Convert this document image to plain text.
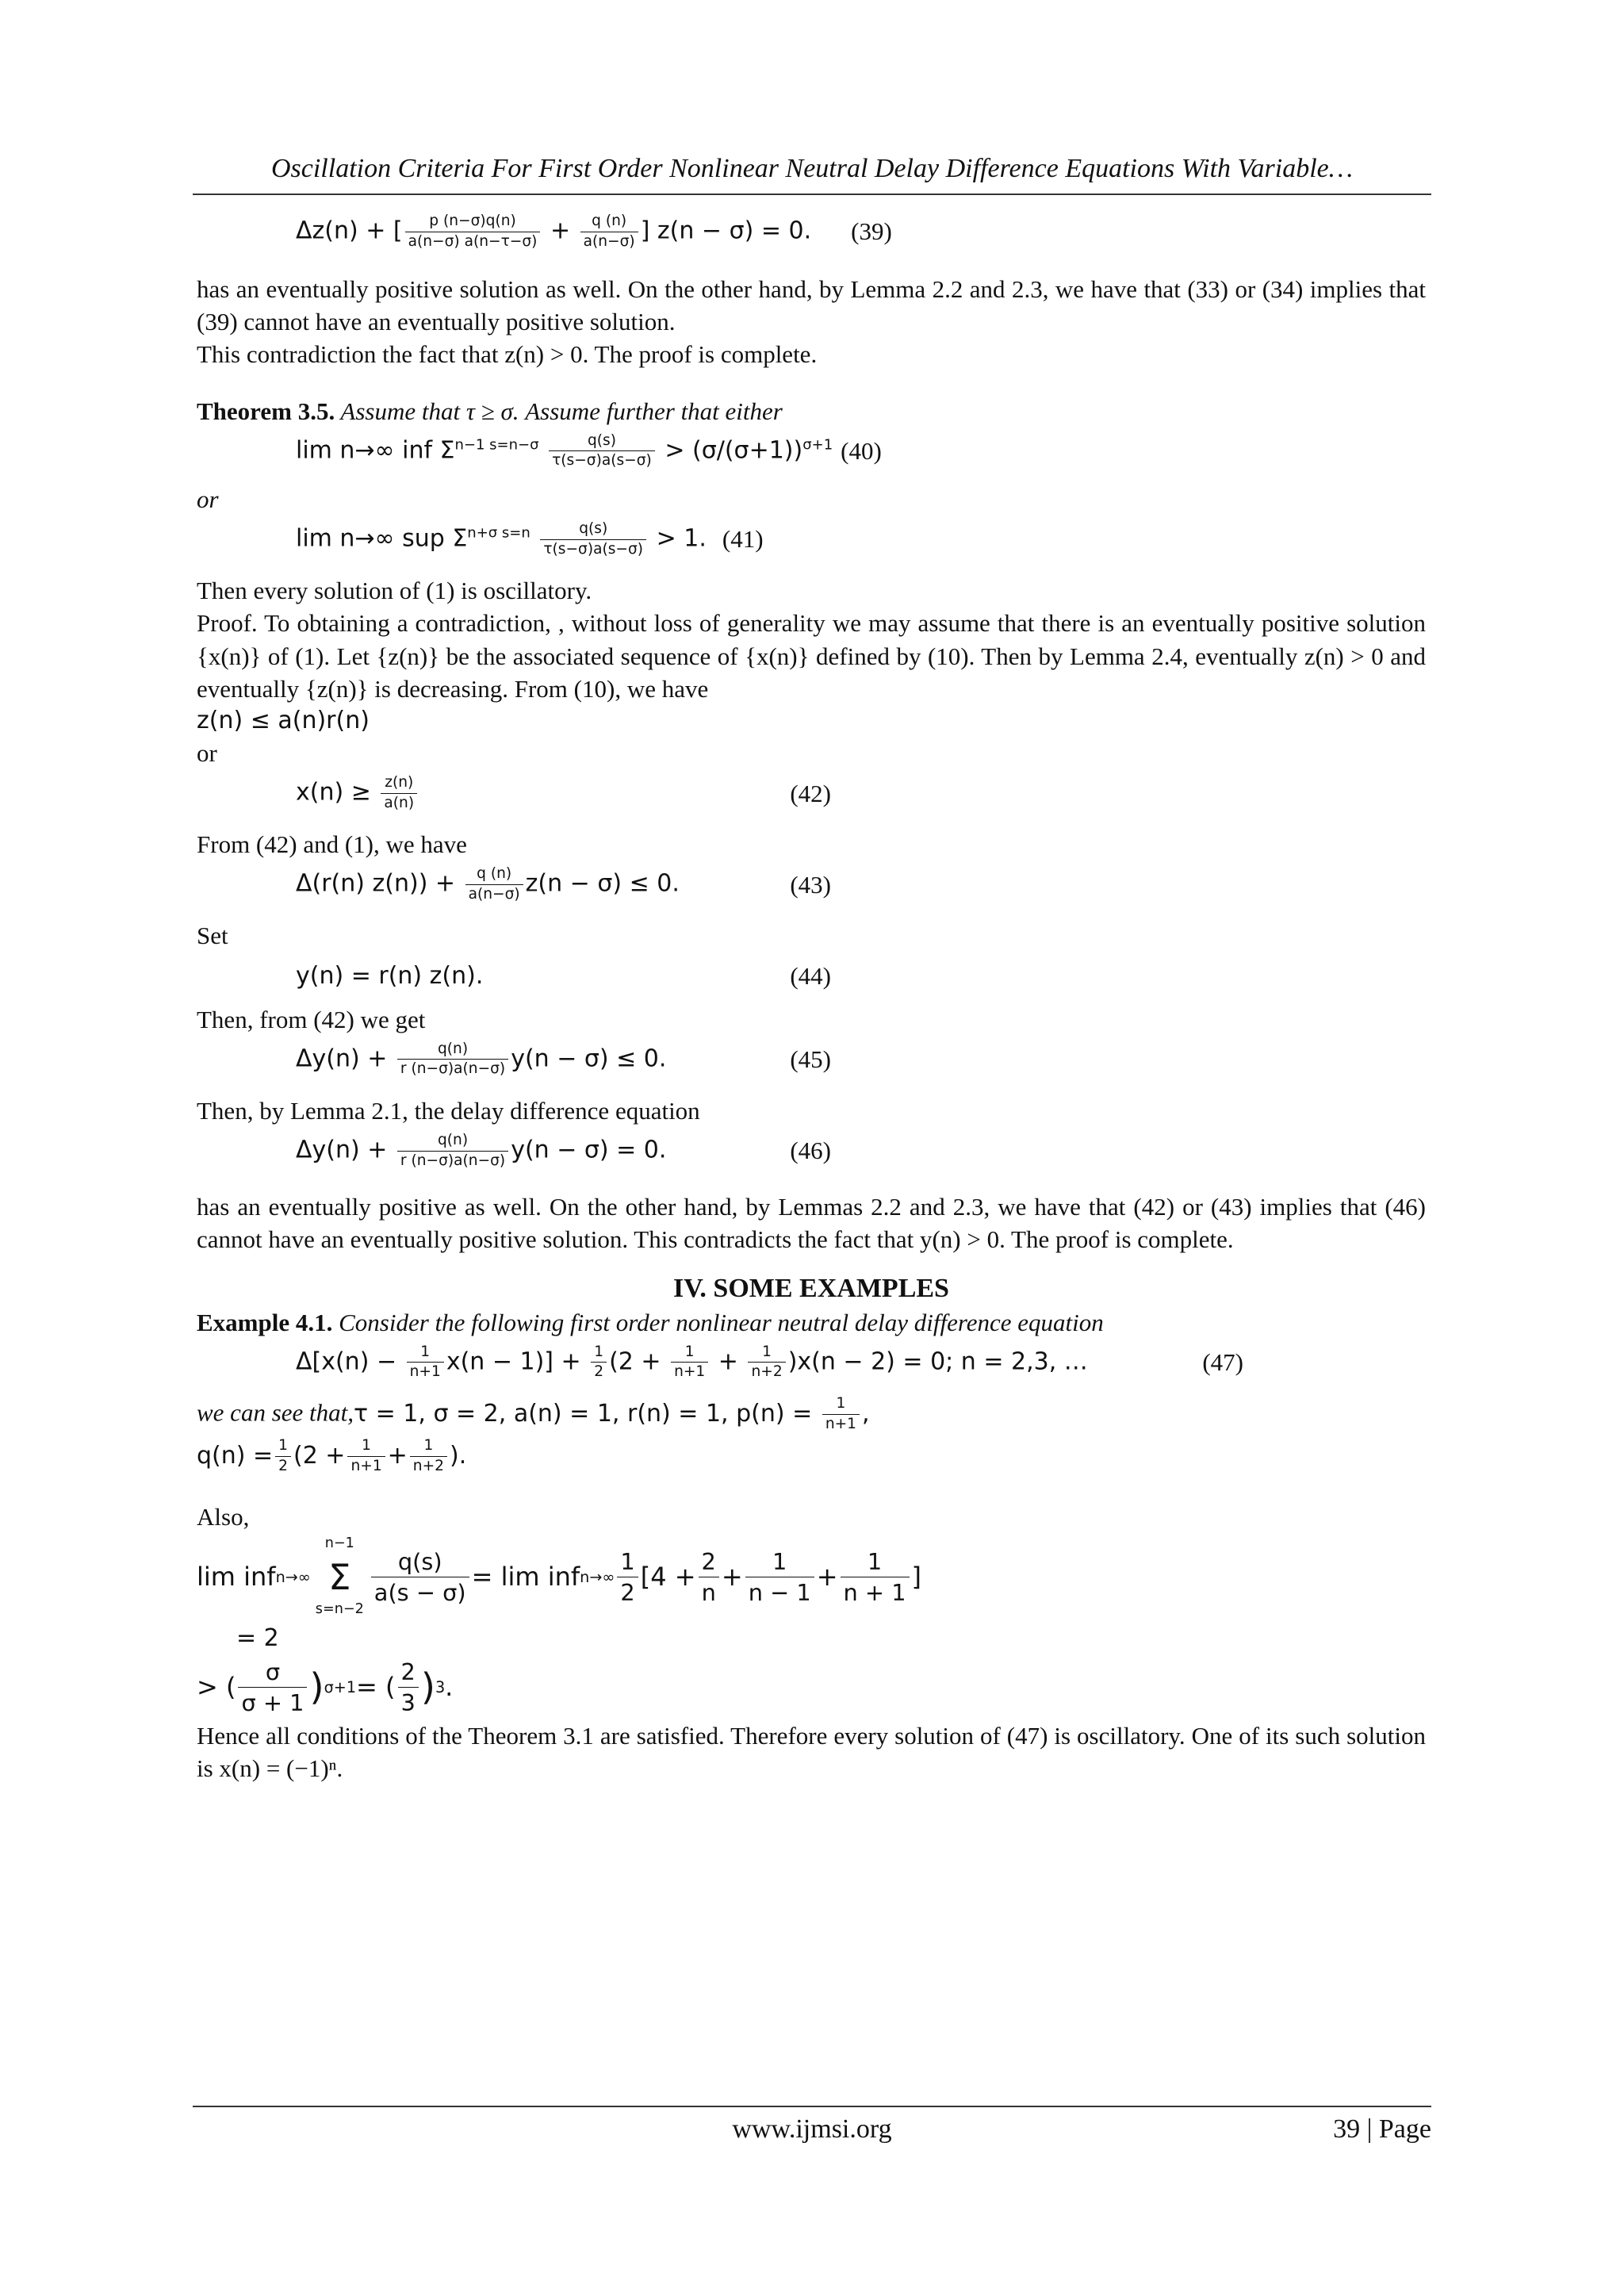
Oscillation Criteria For First Order Nonlinear Neutral Delay Difference Equations With Variable…
Δz(n) + [ $\frac{p (n-\sigma)q(n)}{a(n-\sigma) a(n-\tau-\sigma)} + \frac{q (n)}{a(n-\sigma)}$ ] z(n − σ) = 0. (39)

has an eventually positive solution as well. On the other hand, by Lemma 2.2 and 2.3, we have that (33) or (34) implies that (39) cannot have an eventually positive solution.

This contradiction the fact that z(n) > 0. The proof is complete.

Theorem 3.5. Assume that τ ≥ σ. Assume further that either

lim n→∞ inf $\Sigma^{n-1 s=n-\sigma} \frac{q(s)}{\tau(s-\sigma)a(s-\sigma)} > (\sigma/(\sigma+1))^{\sigma+1}$ (40)

or

lim n→∞ sup $\Sigma^{n+\sigma s=n} \frac{q(s)}{\tau(s-\sigma)a(s-\sigma)} > 1$. (41)

Then every solution of (1) is oscillatory.

Proof. To obtaining a contradiction, , without loss of generality we may assume that there is an eventually positive solution {x(n)} of (1). Let {z(n)} be the associated sequence of {x(n)} defined by (10). Then by Lemma 2.4, eventually z(n) > 0 and eventually {z(n)} is decreasing. From (10), we have

z(n) ≤ a(n)r(n)

or

$x(n) \ge \frac{z(n)}{a(n)}$	(42)

From (42) and (1), we have

Δ(r(n) $z(n)) + \frac{q (n)}{a(n-\sigma)} z(n - \sigma) \le 0$.	(43)

Set

y(n) = r(n) z(n).	(44)

Then, from (42) we get

$\Delta y(n) + \frac{q(n)}{r (n-\sigma)a(n-\sigma)} y(n - \sigma) \le 0$.	(45)

Then, by Lemma 2.1, the delay difference equation

$\Delta y(n) + \frac{q(n)}{r (n-\sigma)a(n-\sigma)} y(n - \sigma) = 0$.	(46)

has an eventually positive as well. On the other hand, by Lemmas 2.2 and 2.3, we have that (42) or (43) implies that (46) cannot have an eventually positive solution. This contradicts the fact that y(n) > 0. The proof is complete.

IV. SOME EXAMPLES

Example 4.1. Consider the following first order nonlinear neutral delay difference equation

$\Delta[x(n) - \frac{1}{n+1} x(n - 1)] + \frac{1}{2} (2 + \frac{1}{n+1} + \frac{1}{n+2} )x(n - 2) = 0$; n = 2,3, …	(47)

we can see that,τ = 1, σ = 2, a(n) = 1, r(n) = 1, $p(n) = \frac{1}{n+1}$ ,

$q(n) = \frac{1}{2} (2 + \frac{1}{n+1} + \frac{1}{n+2}$ ).

Also,

lim inf n→∞
n−1
Σ
s=n−2
$\frac{q(s)}{a(s - \sigma)} = \lim$ inf $n\to\infty \frac{1}{2} [4 + \frac{2}{n} + \frac{1}{n - 1} + \frac{1}{n + 1}$ ]

= 2

> ( $\frac{\sigma}{\sigma + 1}$ ) σ+1 = ( $\frac{2}{3}$ ) 3 .

Hence all conditions of the Theorem 3.1 are satisfied. Therefore every solution of (47) is oscillatory. One of its such solution is x(n) = (−1)ⁿ.

www.ijmsi.org	39 | Page
